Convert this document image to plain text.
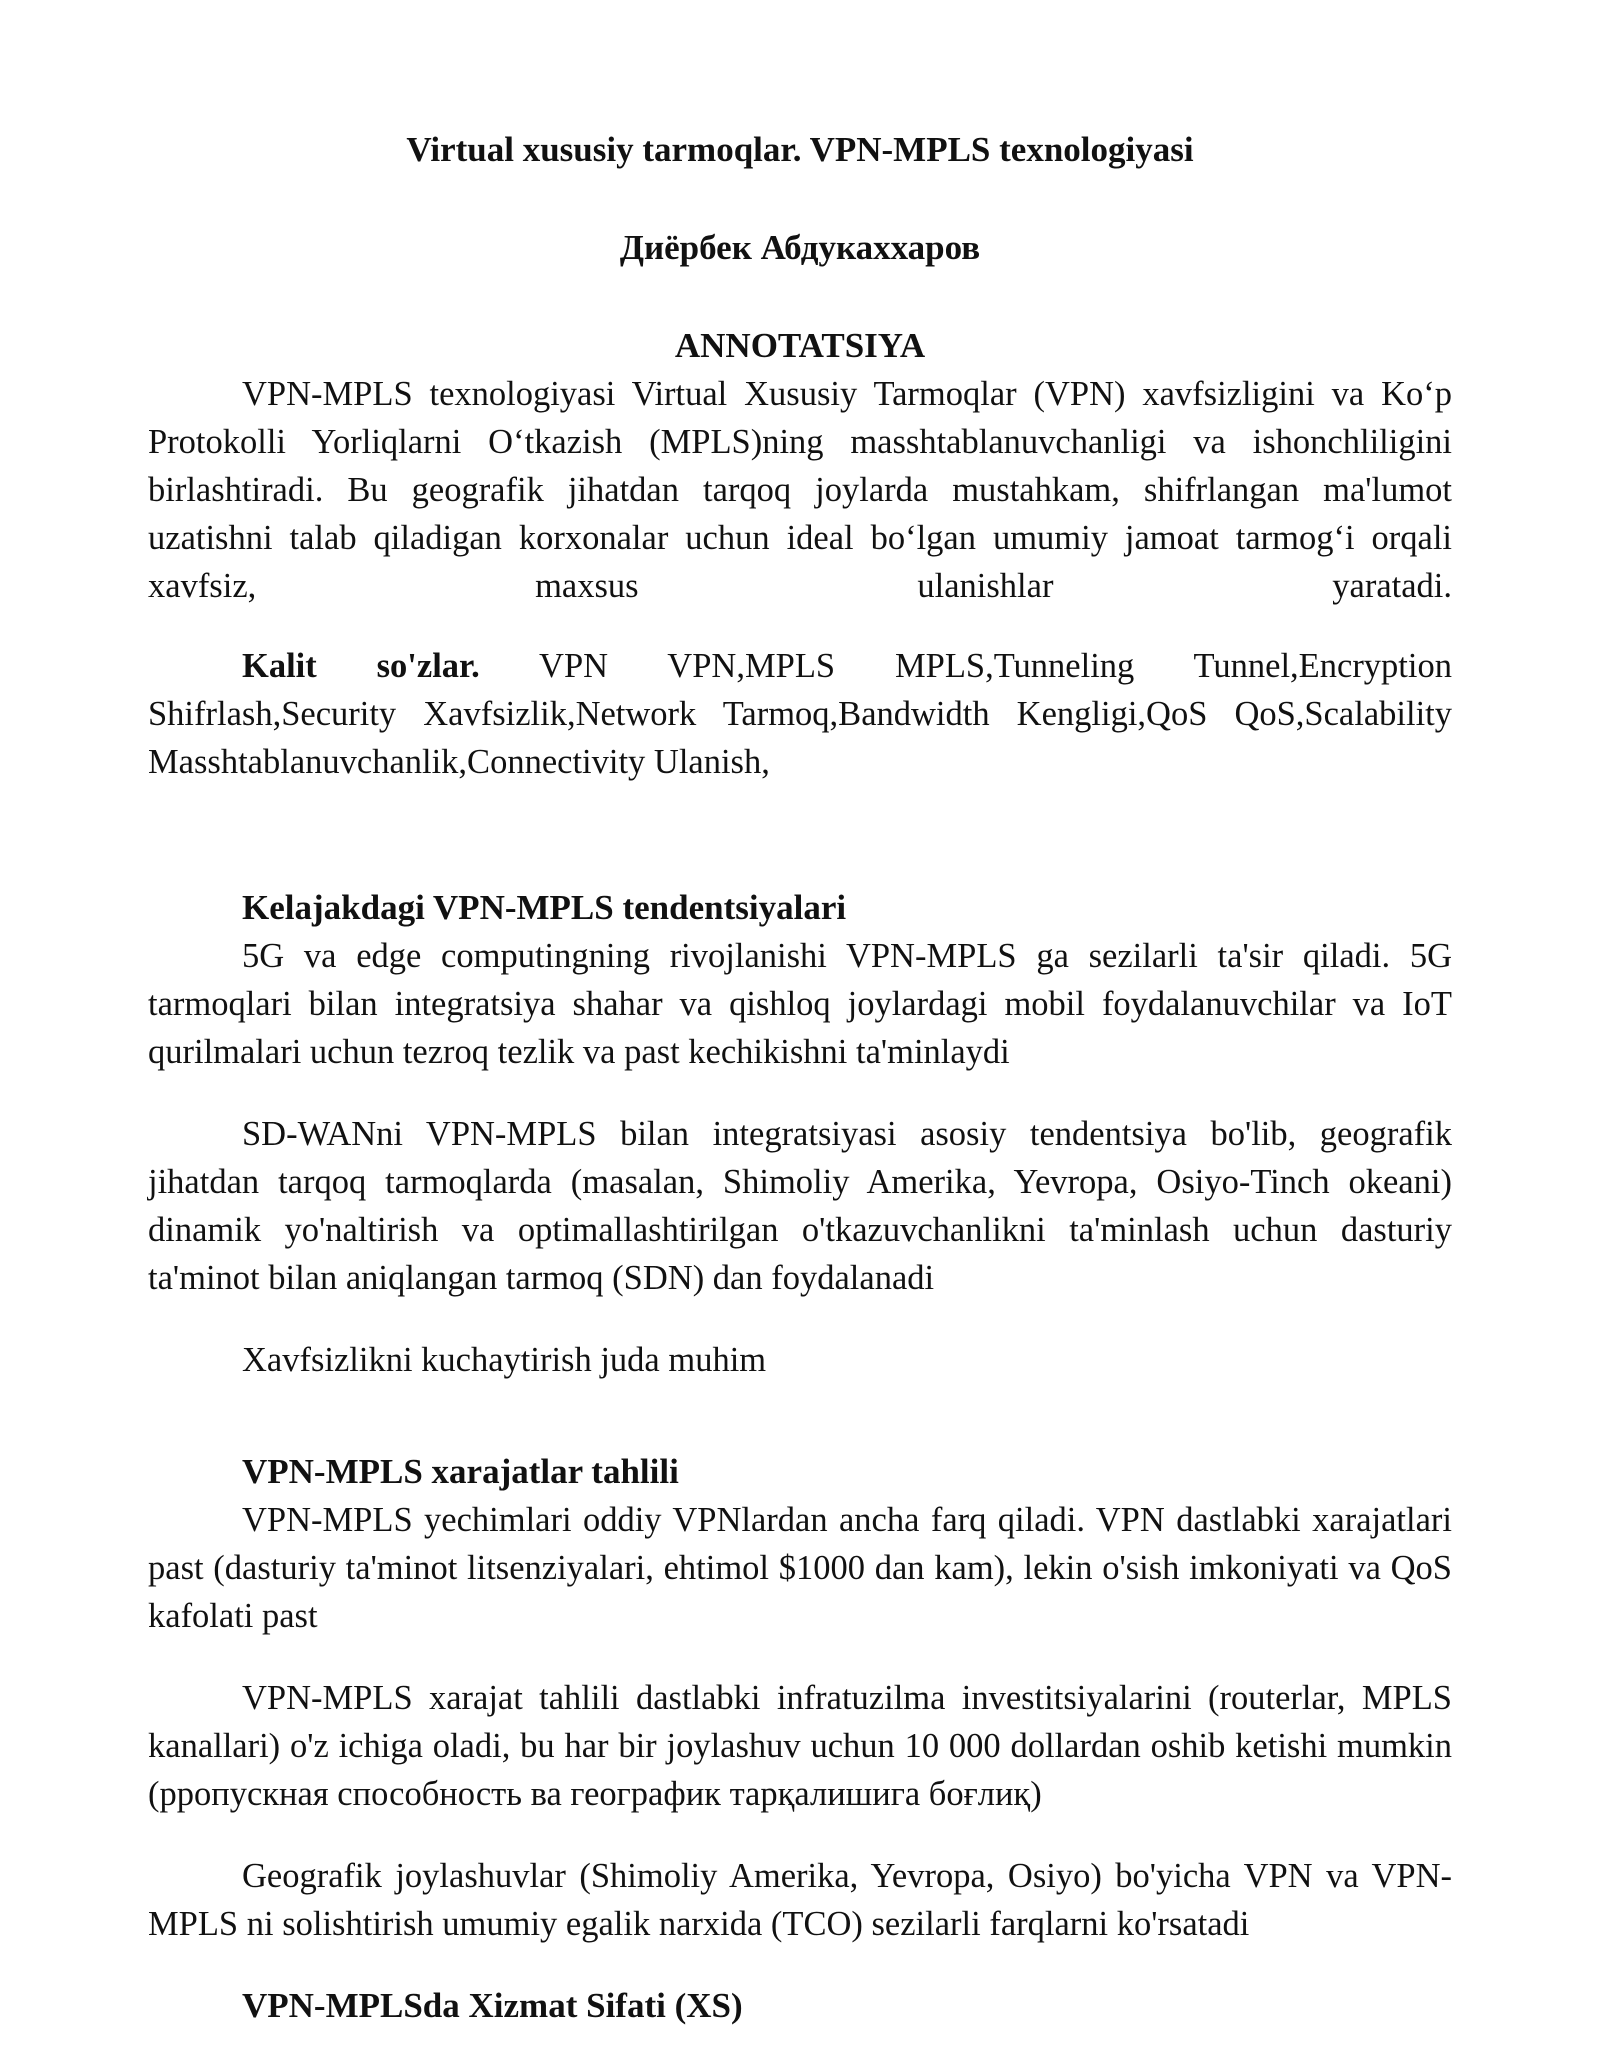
Virtual xususiy tarmoqlar. VPN-MPLS texnologiyasi
Диёрбек Абдукаххаров
ANNOTATSIYA

VPN-MPLS texnologiyasi Virtual Xususiy Tarmoqlar (VPN) xavfsizligini va Koʻp Protokolli Yorliqlarni Oʻtkazish (MPLS)ning masshtablanuvchanligi va ishonchliligini birlashtiradi. Bu geografik jihatdan tarqoq joylarda mustahkam, shifrlangan ma'lumot uzatishni talab qiladigan korxonalar uchun ideal boʻlgan umumiy jamoat tarmogʻi orqali xavfsiz, maxsus ulanishlar yaratadi.

Kalit so'zlar. VPN VPN,MPLS MPLS,Tunneling Tunnel,Encryption Shifrlash,Security Xavfsizlik,Network Tarmoq,Bandwidth Kengligi,QoS QoS,Scalability Masshtablanuvchanlik,Connectivity Ulanish,

Kelajakdagi VPN-MPLS tendentsiyalari

5G va edge computingning rivojlanishi VPN-MPLS ga sezilarli ta'sir qiladi. 5G tarmoqlari bilan integratsiya shahar va qishloq joylardagi mobil foydalanuvchilar va IoT qurilmalari uchun tezroq tezlik va past kechikishni ta'minlaydi

SD-WANni VPN-MPLS bilan integratsiyasi asosiy tendentsiya bo'lib, geografik jihatdan tarqoq tarmoqlarda (masalan, Shimoliy Amerika, Yevropa, Osiyo-Tinch okeani) dinamik yo'naltirish va optimallashtirilgan o'tkazuvchanlikni ta'minlash uchun dasturiy ta'minot bilan aniqlangan tarmoq (SDN) dan foydalanadi

Xavfsizlikni kuchaytirish juda muhim

VPN-MPLS xarajatlar tahlili

VPN-MPLS yechimlari oddiy VPNlardan ancha farq qiladi. VPN dastlabki xarajatlari past (dasturiy ta'minot litsenziyalari, ehtimol $1000 dan kam), lekin o'sish imkoniyati va QoS kafolati past

VPN-MPLS xarajat tahlili dastlabki infratuzilma investitsiyalarini (routerlar, MPLS kanallari) o'z ichiga oladi, bu har bir joylashuv uchun 10 000 dollardan oshib ketishi mumkin (pропускная способность ва географик тарқалишига боғлиқ)

Geografik joylashuvlar (Shimoliy Amerika, Yevropa, Osiyo) bo'yicha VPN va VPN-MPLS ni solishtirish umumiy egalik narxida (TCO) sezilarli farqlarni ko'rsatadi

VPN-MPLSda Xizmat Sifati (XS)
